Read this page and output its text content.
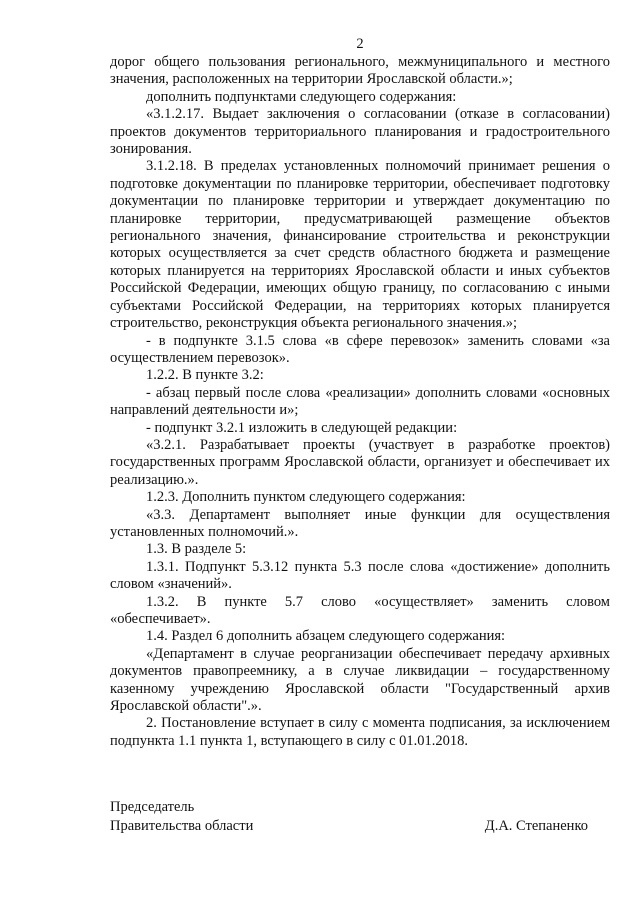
2

дорог общего пользования регионального, межмуниципального и местного значения, расположенных на территории Ярославской области.»;

дополнить подпунктами следующего содержания:

«3.1.2.17. Выдает заключения о согласовании (отказе в согласовании) проектов документов территориального планирования и градостроительного зонирования.

3.1.2.18. В пределах установленных полномочий принимает решения о подготовке документации по планировке территории, обеспечивает подготовку документации по планировке территории и утверждает документацию по планировке территории, предусматривающей размещение объектов регионального значения, финансирование строительства и реконструкции которых осуществляется за счет средств областного бюджета и размещение которых планируется на территориях Ярославской области и иных субъектов Российской Федерации, имеющих общую границу, по согласованию с иными субъектами Российской Федерации, на территориях которых планируется строительство, реконструкция объекта регионального значения.»;

- в подпункте 3.1.5 слова «в сфере перевозок» заменить словами «за осуществлением перевозок».

1.2.2. В пункте 3.2:

- абзац первый после слова «реализации» дополнить словами «основных направлений деятельности и»;

- подпункт 3.2.1 изложить в следующей редакции:

«3.2.1. Разрабатывает проекты (участвует в разработке проектов) государственных программ Ярославской области, организует и обеспечивает их реализацию.».

1.2.3. Дополнить пунктом следующего содержания:

«3.3. Департамент выполняет иные функции для осуществления установленных полномочий.».

1.3. В разделе 5:

1.3.1. Подпункт 5.3.12 пункта 5.3 после слова «достижение» дополнить словом «значений».

1.3.2. В пункте 5.7 слово «осуществляет» заменить словом «обеспечивает».

1.4. Раздел 6 дополнить абзацем следующего содержания:

«Департамент в случае реорганизации обеспечивает передачу архивных документов правопреемнику, а в случае ликвидации – государственному казенному учреждению Ярославской области "Государственный архив Ярославской области".».

2. Постановление вступает в силу с момента подписания, за исключением подпункта 1.1 пункта 1, вступающего в силу с 01.01.2018.

Председатель
Правительства области	Д.А. Степаненко
